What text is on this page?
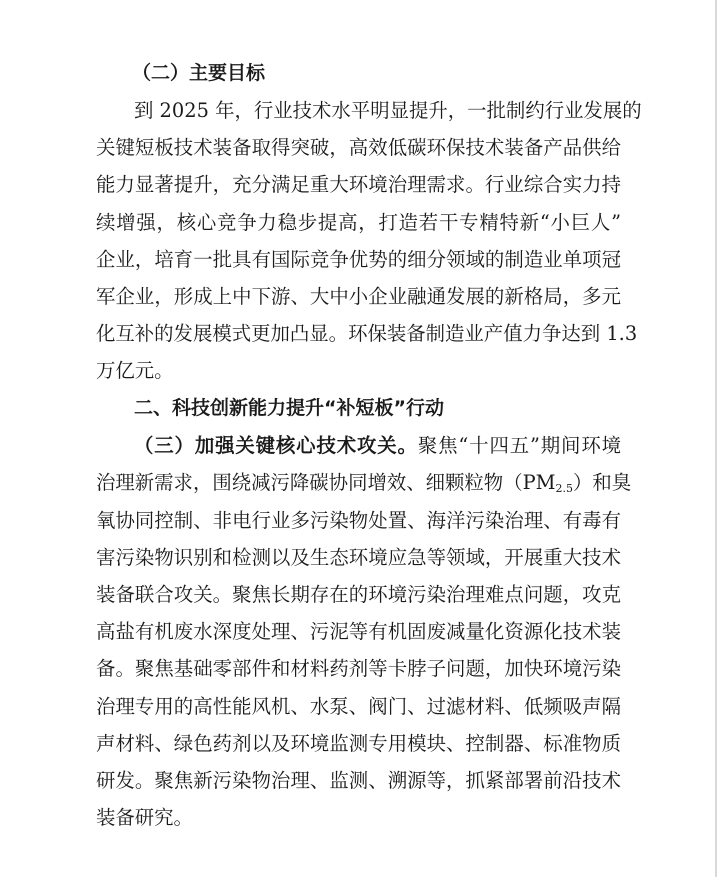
（二）主要目标
到 2025 年，行业技术水平明显提升，一批制约行业发展的
关键短板技术装备取得突破，高效低碳环保技术装备产品供给
能力显著提升，充分满足重大环境治理需求。行业综合实力持
续增强，核心竞争力稳步提高，打造若干专精特新“小巨人”
企业，培育一批具有国际竞争优势的细分领域的制造业单项冠
军企业，形成上中下游、大中小企业融通发展的新格局，多元
化互补的发展模式更加凸显。环保装备制造业产值力争达到 1.3
万亿元。
二、科技创新能力提升“补短板”行动
（三）加强关键核心技术攻关。聚焦“十四五”期间环境
治理新需求，围绕减污降碳协同增效、细颗粒物$(PM_{2.5})$和臭
氧协同控制、非电行业多污染物处置、海洋污染治理、有毒有
害污染物识别和检测以及生态环境应急等领域，开展重大技术
装备联合攻关。聚焦长期存在的环境污染治理难点问题，攻克
高盐有机废水深度处理、污泥等有机固废减量化资源化技术装
备。聚焦基础零部件和材料药剂等卡脖子问题，加快环境污染
治理专用的高性能风机、水泵、阀门、过滤材料、低频吸声隔
声材料、绿色药剂以及环境监测专用模块、控制器、标准物质
研发。聚焦新污染物治理、监测、溯源等，抓紧部署前沿技术
装备研究。
